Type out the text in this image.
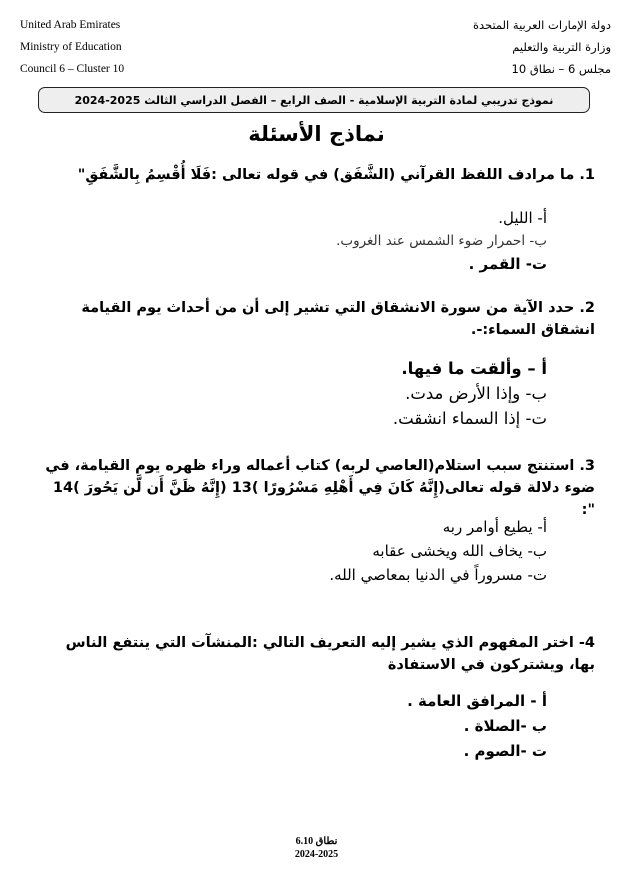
United Arab Emirates
Ministry of Education
Council 6 – Cluster 10
دولة الإمارات العربية المتحدة
وزارة التربية والتعليم
مجلس 6 – نطاق 10
نموذج تدريبي لمادة التربية الإسلامية - الصف الرابع – الفصل الدراسي الثالث 2025-2024
نماذج الأسئلة
1. ما مرادف اللفظ القرآني (الشَّفَق) في قوله تعالى :فَلَا أُقْسِمُ بِالشَّفَقِ"
أ- الليل.
ب- احمرار ضوء الشمس عند الغروب.
ت- القمر .
2. حدد الآية من سورة الانشقاق التي تشير إلى أن من أحداث يوم القيامة انشقاق السماء:-.
أ – وألقت ما فيها.
ب- وإذا الأرض مدت.
ت- إذا السماء انشقت.
3. استنتج سبب استلام(العاصي لربه) كتاب أعماله وراء ظهره يوم القيامة، في ضوء دلالة قوله تعالى(إِنَّهُ كَانَ فِي أَهْلِهِ مَسْرُورًا )13 (إِنَّهُ ظَنَّ أَن لَّن يَحُورَ )14 ":
أ- يطيع أوامر ربه
ب- يخاف الله ويخشى عقابه
ت- مسروراً في الدنيا بمعاصي الله.
4- اختر المفهوم الذي يشير إليه التعريف التالي :المنشآت التي ينتفع الناس بها، ويشتركون في الاستفادة
أ - المرافق العامة .
ب -الصلاة .
ت -الصوم .
نطاق 6.10
2024-2025
